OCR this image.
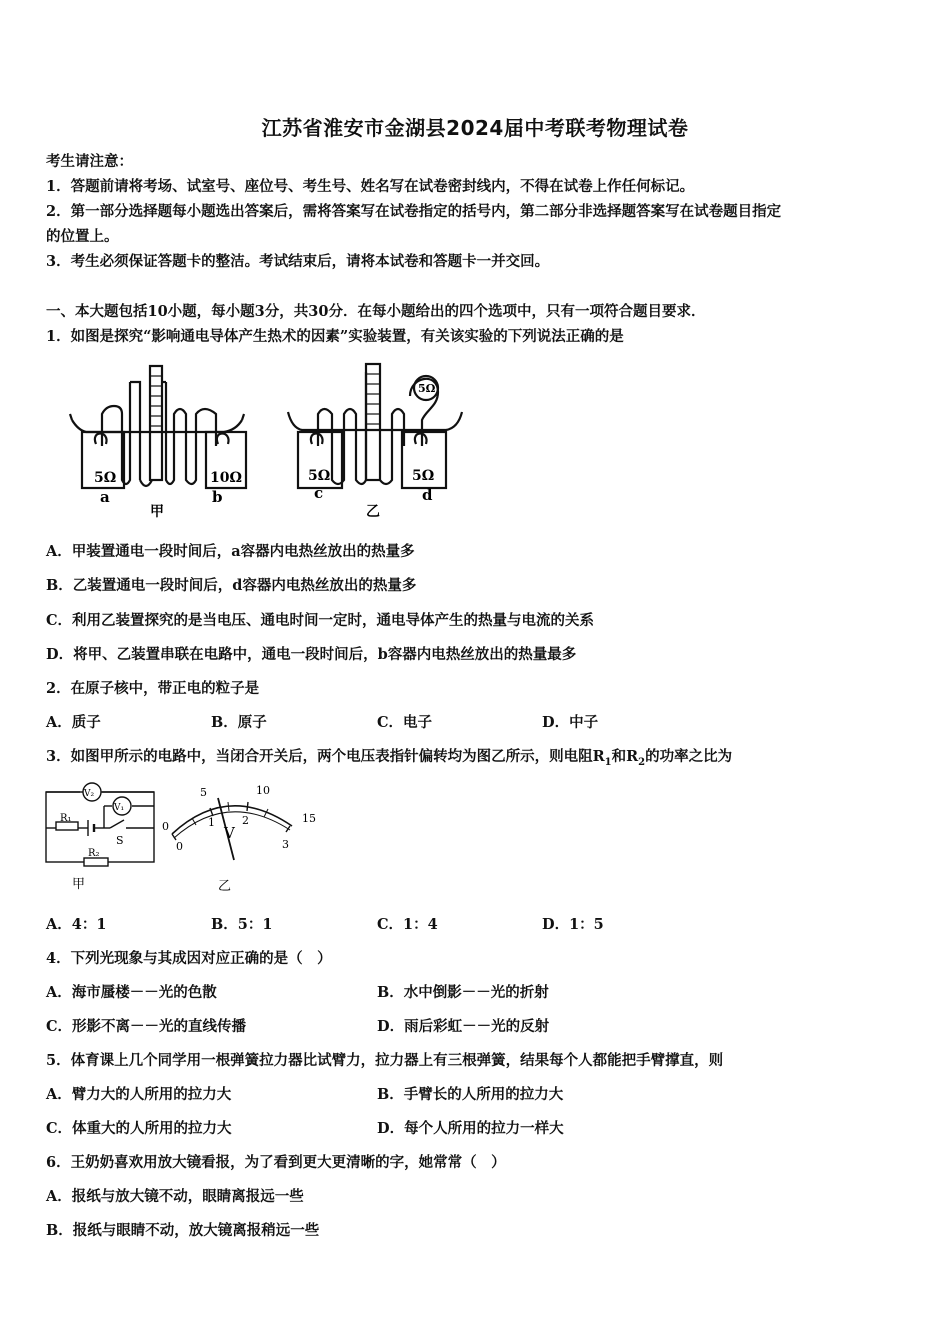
江苏省淮安市金湖县2024届中考联考物理试卷
考生请注意：
1．答题前请将考场、试室号、座位号、考生号、姓名写在试卷密封线内，不得在试卷上作任何标记。
2．第一部分选择题每小题选出答案后，需将答案写在试卷指定的括号内，第二部分非选择题答案写在试卷题目指定
的位置上。
3．考生必须保证答题卡的整洁。考试结束后，请将本试卷和答题卡一并交回。
一、本大题包括10小题，每小题3分，共30分．在每小题给出的四个选项中，只有一项符合题目要求．
1．如图是探究“影响通电导体产生热术的因素”实验装置，有关该实验的下列说法正确的是
5Ω	10Ω
a	b
甲
5Ω
5Ω	5Ω
c	d
乙
A．甲装置通电一段时间后，a容器内电热丝放出的热量多
B．乙装置通电一段时间后，d容器内电热丝放出的热量多
C．利用乙装置探究的是当电压、通电时间一定时，通电导体产生的热量与电流的关系
D．将甲、乙装置串联在电路中，通电一段时间后，b容器内电热丝放出的热量最多
2．在原子核中，带正电的粒子是
A．质子	B．原子	C．电子	D．中子
3．如图甲所示的电路中，当闭合开关后，两个电压表指针偏转均为图乙所示，则电阻$R_1$和$R_2$的功率之比为
V₂
V₁
R₁
S
R₂
甲
0
5	10
15
0
1 2
3
V
乙
A．4：1	B．5：1	C．1：4	D．1：5
4．下列光现象与其成因对应正确的是（　）
A．海市蜃楼－－光的色散	B．水中倒影－－光的折射
C．形影不离－－光的直线传播	D．雨后彩虹－－光的反射
5．体育课上几个同学用一根弹簧拉力器比试臂力，拉力器上有三根弹簧，结果每个人都能把手臂撑直，则
A．臂力大的人所用的拉力大	B．手臂长的人所用的拉力大
C．体重大的人所用的拉力大	D．每个人所用的拉力一样大
6．王奶奶喜欢用放大镜看报，为了看到更大更清晰的字，她常常（　）
A．报纸与放大镜不动，眼睛离报远一些
B．报纸与眼睛不动，放大镜离报稍远一些
